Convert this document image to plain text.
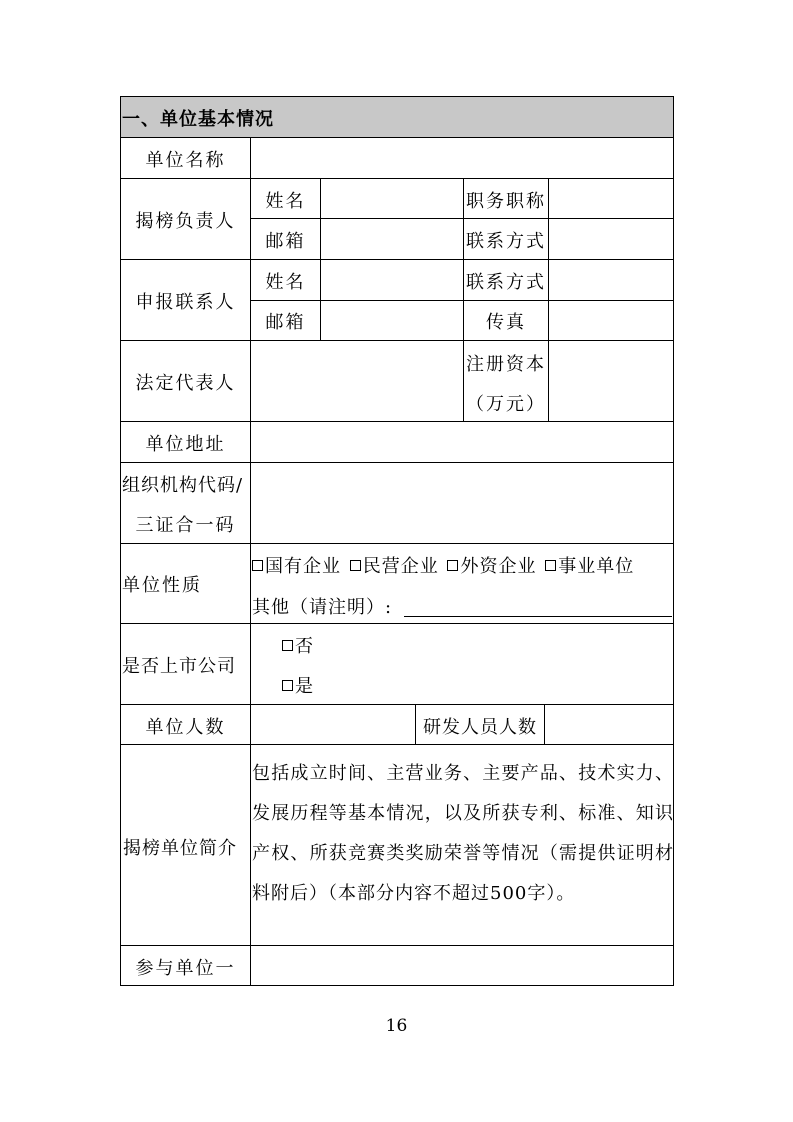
一、单位基本情况
单位名称
揭榜负责人
申报联系人
法定代表人
单位地址
组织机构代码/
三证合一码
单位性质
是否上市公司
单位人数
揭榜单位简介
参与单位一
姓名
邮箱
姓名
邮箱
职务职称
联系方式
联系方式
传真
注册资本
（万元）
研发人员人数
国有企业 民营企业 外资企业 事业单位
其他（请注明）:
否
是
包括成立时间、主营业务、主要产品、技术实力、发展历程等基本情况，以及所获专利、标准、知识产权、所获竞赛类奖励荣誉等情况（需提供证明材料附后）（本部分内容不超过500字）。
16
